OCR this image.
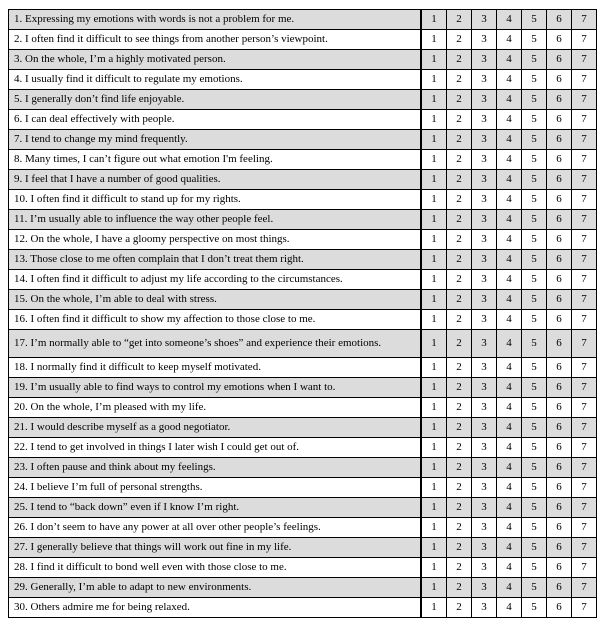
1. Expressing my emotions with words is not a problem for me.	1	2	3	4	5	6	7
2. I often find it difficult to see things from another person’s viewpoint.	1	2	3	4	5	6	7
3. On the whole, I’m a highly motivated person.	1	2	3	4	5	6	7
4. I usually find it difficult to regulate my emotions.	1	2	3	4	5	6	7
5. I generally don’t find life enjoyable.	1	2	3	4	5	6	7
6. I can deal effectively with people.	1	2	3	4	5	6	7
7. I tend to change my mind frequently.	1	2	3	4	5	6	7
8. Many times, I can’t figure out what emotion I'm feeling.	1	2	3	4	5	6	7
9. I feel that I have a number of good qualities.	1	2	3	4	5	6	7
10. I often find it difficult to stand up for my rights.	1	2	3	4	5	6	7
11. I’m usually able to influence the way other people feel.	1	2	3	4	5	6	7
12. On the whole, I have a gloomy perspective on most things.	1	2	3	4	5	6	7
13. Those close to me often complain that I don’t treat them right.	1	2	3	4	5	6	7
14. I often find it difficult to adjust my life according to the circumstances.	1	2	3	4	5	6	7
15. On the whole, I’m able to deal with stress.	1	2	3	4	5	6	7
16. I often find it difficult to show my affection to those close to me.	1	2	3	4	5	6	7
17. I’m normally able to “get into someone’s shoes” and experience their emotions.	1	2	3	4	5	6	7
18. I normally find it difficult to keep myself motivated.	1	2	3	4	5	6	7
19. I’m usually able to find ways to control my emotions when I want to.	1	2	3	4	5	6	7
20. On the whole, I’m pleased with my life.	1	2	3	4	5	6	7
21. I would describe myself as a good negotiator.	1	2	3	4	5	6	7
22. I tend to get involved in things I later wish I could get out of.	1	2	3	4	5	6	7
23. I often pause and think about my feelings.	1	2	3	4	5	6	7
24. I believe I’m full of personal strengths.	1	2	3	4	5	6	7
25. I tend to “back down” even if I know I’m right.	1	2	3	4	5	6	7
26. I don’t seem to have any power at all over other people’s feelings.	1	2	3	4	5	6	7
27. I generally believe that things will work out fine in my life.	1	2	3	4	5	6	7
28. I find it difficult to bond well even with those close to me.	1	2	3	4	5	6	7
29. Generally, I’m able to adapt to new environments.	1	2	3	4	5	6	7
30. Others admire me for being relaxed.	1	2	3	4	5	6	7
